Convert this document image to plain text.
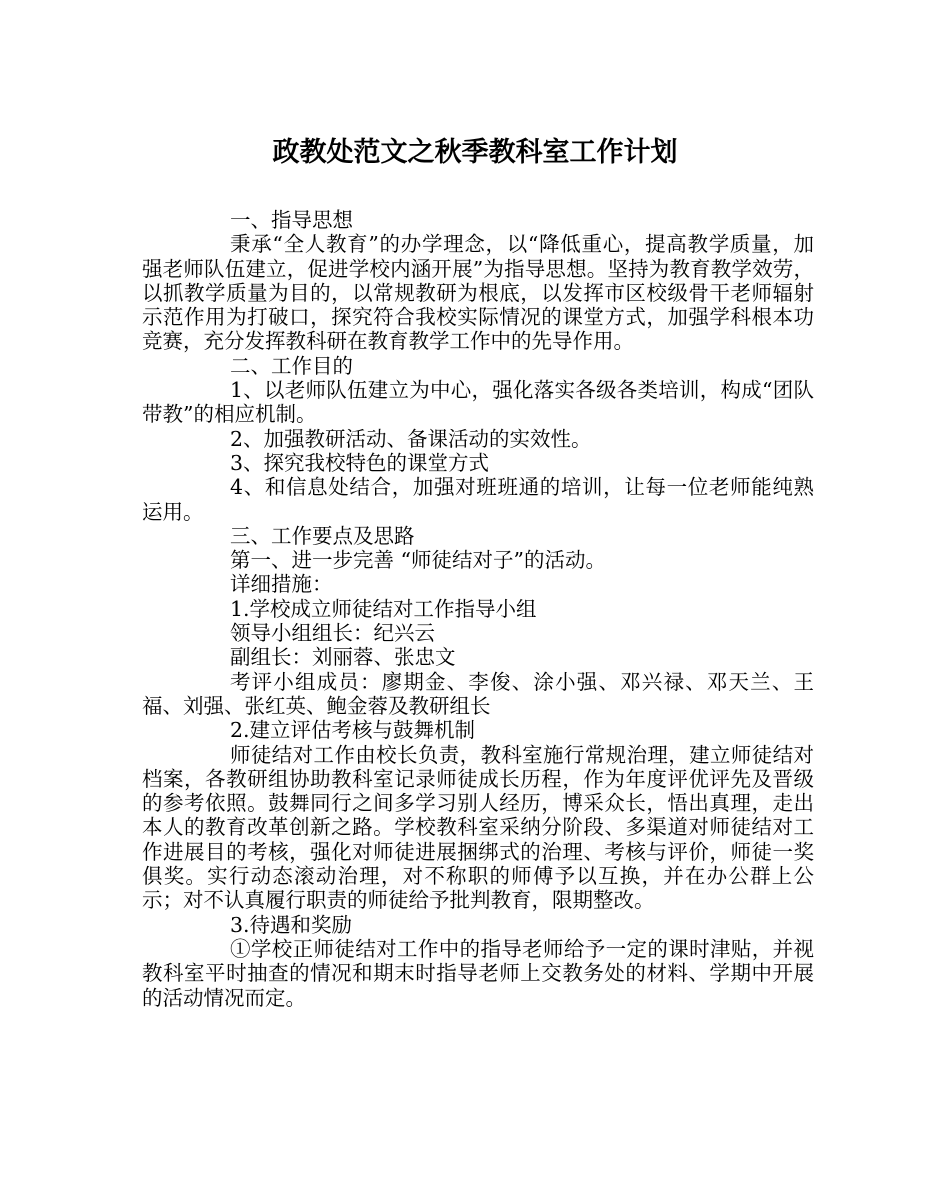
政教处范文之秋季教科室工作计划

一、指导思想

秉承“全人教育”的办学理念，以“降低重心，提高教学质量，加强老师队伍建立，促进学校内涵开展”为指导思想。坚持为教育教学效劳，以抓教学质量为目的，以常规教研为根底，以发挥市区校级骨干老师辐射示范作用为打破口，探究符合我校实际情况的课堂方式，加强学科根本功竞赛，充分发挥教科研在教育教学工作中的先导作用。

二、工作目的

1、以老师队伍建立为中心，强化落实各级各类培训，构成“团队带教”的相应机制。

2、加强教研活动、备课活动的实效性。

3、探究我校特色的课堂方式

4、和信息处结合，加强对班班通的培训，让每一位老师能纯熟运用。

三、工作要点及思路

第一、进一步完善 “师徒结对子”的活动。

详细措施：

1.学校成立师徒结对工作指导小组

领导小组组长：纪兴云

副组长：刘丽蓉、张忠文

考评小组成员：廖期金、李俊、涂小强、邓兴禄、邓天兰、王福、刘强、张红英、鲍金蓉及教研组长

2.建立评估考核与鼓舞机制

师徒结对工作由校长负责，教科室施行常规治理，建立师徒结对档案，各教研组协助教科室记录师徒成长历程，作为年度评优评先及晋级的参考依照。鼓舞同行之间多学习别人经历，博采众长，悟出真理，走出本人的教育改革创新之路。学校教科室采纳分阶段、多渠道对师徒结对工作进展目的考核，强化对师徒进展捆绑式的治理、考核与评价，师徒一奖俱奖。实行动态滚动治理，对不称职的师傅予以互换，并在办公群上公示；对不认真履行职责的师徒给予批判教育，限期整改。

3.待遇和奖励

①学校正师徒结对工作中的指导老师给予一定的课时津贴，并视教科室平时抽查的情况和期末时指导老师上交教务处的材料、学期中开展的活动情况而定。
